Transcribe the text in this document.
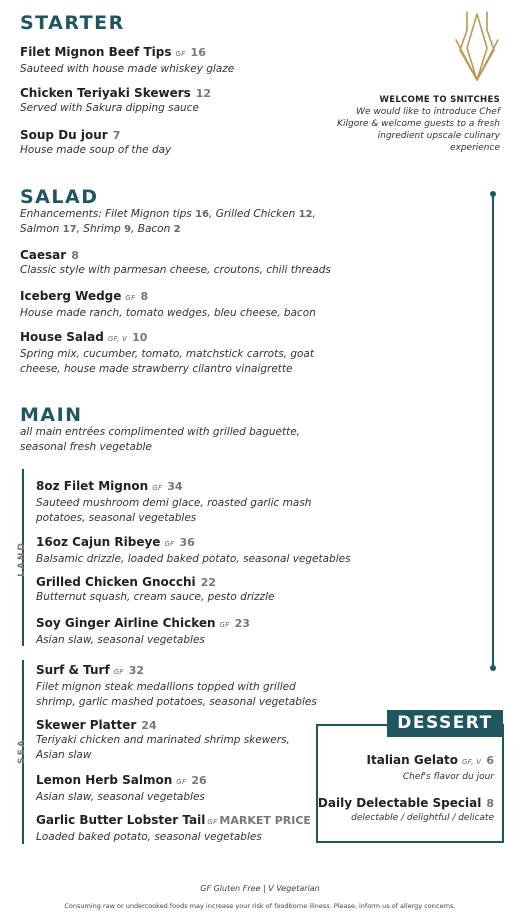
STARTER
Filet Mignon Beef Tips GF 16
Sauteed with house made whiskey glaze
Chicken Teriyaki Skewers 12
Served with Sakura dipping sauce
Soup Du jour 7
House made soup of the day
WELCOME TO SNITCHES
We would like to introduce Chef Kilgore & welcome guests to a fresh ingredient upscale culinary experience
SALAD
Enhancements: Filet Mignon tips 16, Grilled Chicken 12, Salmon 17, Shrimp 9, Bacon 2
Caesar 8
Classic style with parmesan cheese, croutons, chili threads
Iceberg Wedge GF 8
House made ranch, tomato wedges, bleu cheese, bacon
House Salad GF, V 10
Spring mix, cucumber, tomato, matchstick carrots, goat cheese, house made strawberry cilantro vinaigrette
MAIN
all main entrées complimented with grilled baguette, seasonal fresh vegetable
LAND
8oz Filet Mignon GF 34
Sauteed mushroom demi glace, roasted garlic mash potatoes, seasonal vegetables
16oz Cajun Ribeye GF 36
Balsamic drizzle, loaded baked potato, seasonal vegetables
Grilled Chicken Gnocchi 22
Butternut squash, cream sauce, pesto drizzle
Soy Ginger Airline Chicken GF 23
Asian slaw, seasonal vegetables
SEA
Surf & Turf GF 32
Filet mignon steak medallions topped with grilled shrimp, garlic mashed potatoes, seasonal vegetables
Skewer Platter 24
Teriyaki chicken and marinated shrimp skewers, Asian slaw
Lemon Herb Salmon GF 26
Asian slaw, seasonal vegetables
Garlic Butter Lobster Tail GF MARKET PRICE
Loaded baked potato, seasonal vegetables
DESSERT
Italian Gelato GF, V 6
Chef's flavor du jour
Daily Delectable Special 8
delectable / delightful / delicate
GF Gluten Free | V Vegetarian
Consuming raw or undercooked foods may increase your risk of foodborne illness. Please, inform us of allergy concerns.
